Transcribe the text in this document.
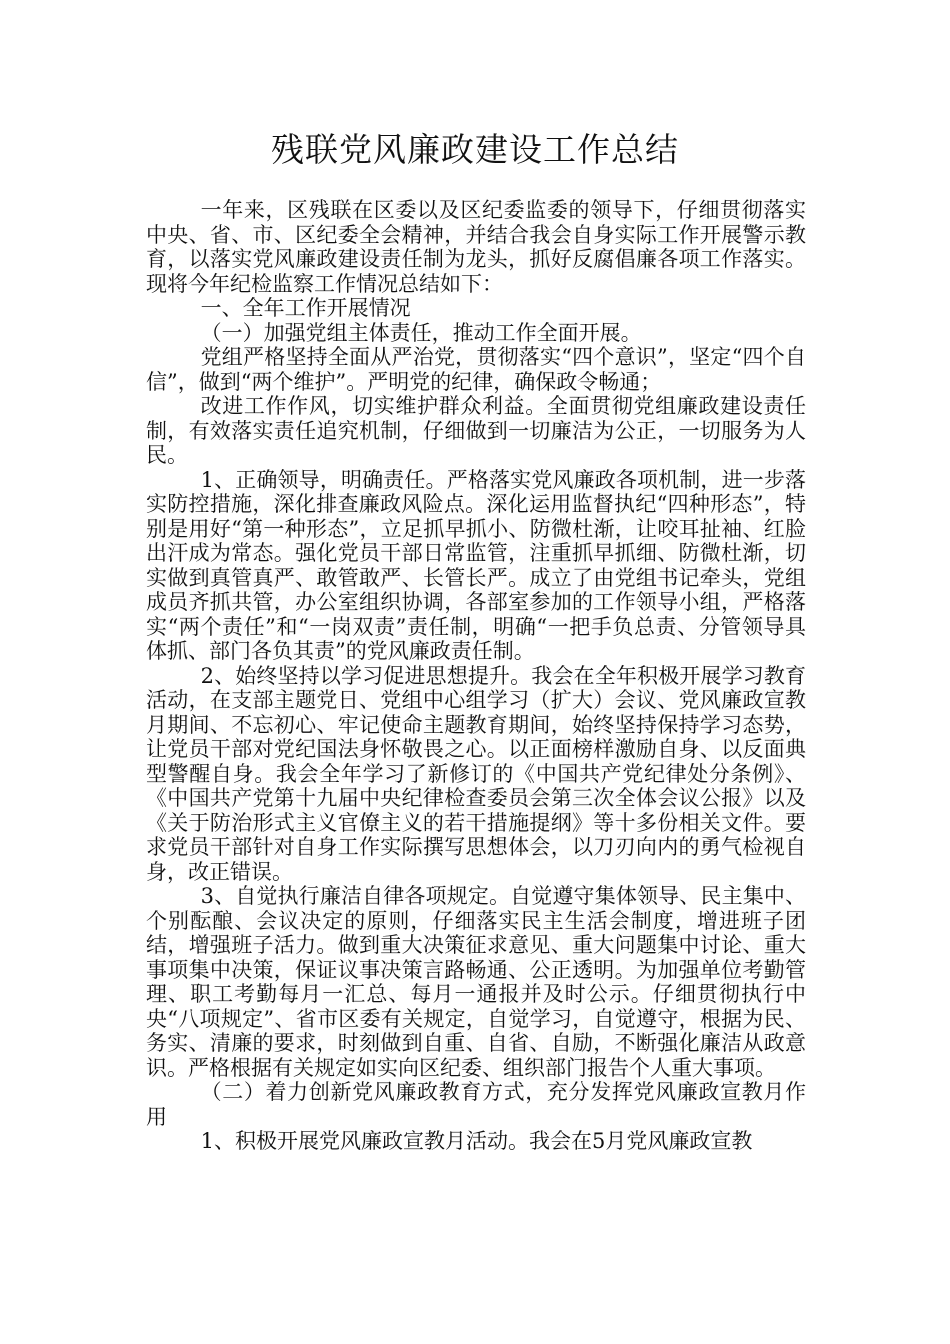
残联党风廉政建设工作总结

一年来，区残联在区委以及区纪委监委的领导下，仔细贯彻落实中央、省、市、区纪委全会精神，并结合我会自身实际工作开展警示教育，以落实党风廉政建设责任制为龙头，抓好反腐倡廉各项工作落实。现将今年纪检监察工作情况总结如下：

一、全年工作开展情况

（一）加强党组主体责任，推动工作全面开展。

党组严格坚持全面从严治党，贯彻落实“四个意识”，坚定“四个自信”，做到“两个维护”。严明党的纪律，确保政令畅通；

改进工作作风，切实维护群众利益。全面贯彻党组廉政建设责任制，有效落实责任追究机制，仔细做到一切廉洁为公正，一切服务为人民。

1、正确领导，明确责任。严格落实党风廉政各项机制，进一步落实防控措施，深化排查廉政风险点。深化运用监督执纪“四种形态”，特别是用好“第一种形态”，立足抓早抓小、防微杜渐，让咬耳扯袖、红脸出汗成为常态。强化党员干部日常监管，注重抓早抓细、防微杜渐，切实做到真管真严、敢管敢严、长管长严。成立了由党组书记牵头，党组成员齐抓共管，办公室组织协调，各部室参加的工作领导小组，严格落实“两个责任”和“一岗双责”责任制，明确“一把手负总责、分管领导具体抓、部门各负其责”的党风廉政责任制。

2、始终坚持以学习促进思想提升。我会在全年积极开展学习教育活动，在支部主题党日、党组中心组学习（扩大）会议、党风廉政宣教月期间、不忘初心、牢记使命主题教育期间，始终坚持保持学习态势，让党员干部对党纪国法身怀敬畏之心。以正面榜样激励自身、以反面典型警醒自身。我会全年学习了新修订的《中国共产党纪律处分条例》、《中国共产党第十九届中央纪律检查委员会第三次全体会议公报》以及《关于防治形式主义官僚主义的若干措施提纲》等十多份相关文件。要求党员干部针对自身工作实际撰写思想体会，以刀刃向内的勇气检视自身，改正错误。

3、自觉执行廉洁自律各项规定。自觉遵守集体领导、民主集中、个别酝酿、会议决定的原则，仔细落实民主生活会制度，增进班子团结，增强班子活力。做到重大决策征求意见、重大问题集中讨论、重大事项集中决策，保证议事决策言路畅通、公正透明。为加强单位考勤管理、职工考勤每月一汇总、每月一通报并及时公示。仔细贯彻执行中央“八项规定”、省市区委有关规定，自觉学习，自觉遵守，根据为民、务实、清廉的要求，时刻做到自重、自省、自励，不断强化廉洁从政意识。严格根据有关规定如实向区纪委、组织部门报告个人重大事项。

（二）着力创新党风廉政教育方式，充分发挥党风廉政宣教月作用

1、积极开展党风廉政宣教月活动。我会在5月党风廉政宣教
